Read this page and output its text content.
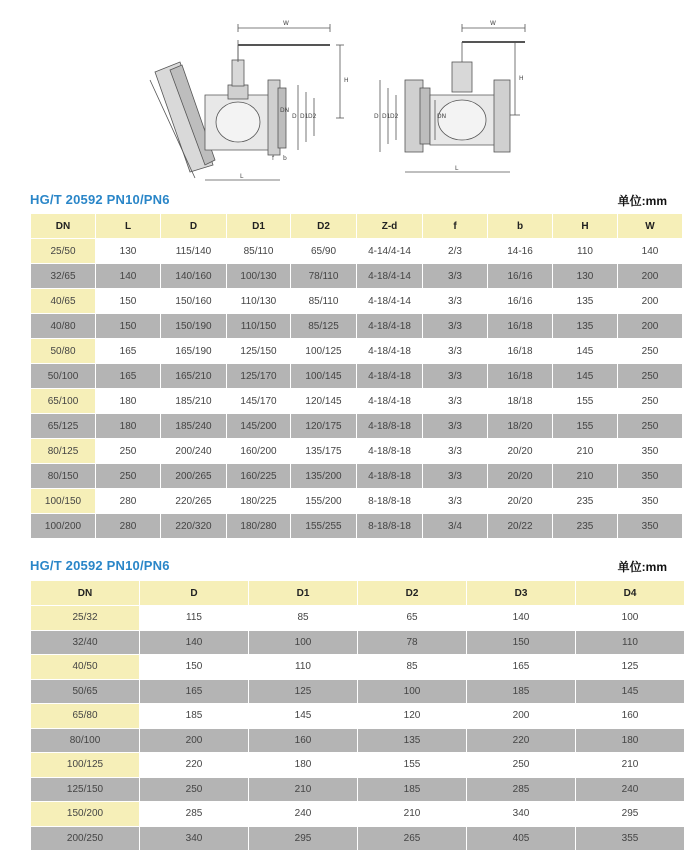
W
H
L
D D1 D2
DN
f b
W
H
L
D D1 D2	DN
HG/T 20592 PN10/PN6	单位:mm
DN	L	D	D1	D2	Z-d	f	b	H	W
25/50	130	115/140	85/110	65/90	4-14/4-14	2/3	14-16	110	140
32/65	140	140/160	100/130	78/110	4-18/4-14	3/3	16/16	130	200
40/65	150	150/160	110/130	85/110	4-18/4-14	3/3	16/16	135	200
40/80	150	150/190	110/150	85/125	4-18/4-18	3/3	16/18	135	200
50/80	165	165/190	125/150	100/125	4-18/4-18	3/3	16/18	145	250
50/100	165	165/210	125/170	100/145	4-18/4-18	3/3	16/18	145	250
65/100	180	185/210	145/170	120/145	4-18/4-18	3/3	18/18	155	250
65/125	180	185/240	145/200	120/175	4-18/8-18	3/3	18/20	155	250
80/125	250	200/240	160/200	135/175	4-18/8-18	3/3	20/20	210	350
80/150	250	200/265	160/225	135/200	4-18/8-18	3/3	20/20	210	350
100/150	280	220/265	180/225	155/200	8-18/8-18	3/3	20/20	235	350
100/200	280	220/320	180/280	155/255	8-18/8-18	3/4	20/22	235	350
HG/T 20592 PN10/PN6	单位:mm
DN	D	D1	D2	D3	D4
25/32	115	85	65	140	100
32/40	140	100	78	150	110
40/50	150	110	85	165	125
50/65	165	125	100	185	145
65/80	185	145	120	200	160
80/100	200	160	135	220	180
100/125	220	180	155	250	210
125/150	250	210	185	285	240
150/200	285	240	210	340	295
200/250	340	295	265	405	355
